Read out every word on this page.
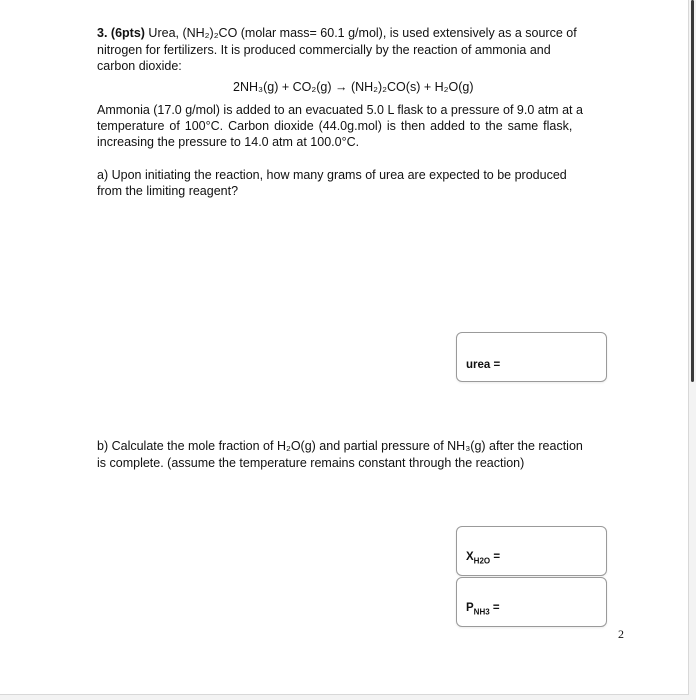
3. (6pts) Urea, (NH₂)₂CO (molar mass= 60.1 g/mol), is used extensively as a source of
nitrogen for fertilizers. It is produced commercially by the reaction of ammonia and
carbon dioxide:
2NH₃(g) + CO₂(g) → (NH₂)₂CO(s) + H₂O(g)
Ammonia (17.0 g/mol) is added to an evacuated 5.0 L flask to a pressure of 9.0 atm at a
temperature of 100°C. Carbon dioxide (44.0g.mol) is then added to the same flask,
increasing the pressure to 14.0 atm at 100.0°C.
a) Upon initiating the reaction, how many grams of urea are expected to be produced
from the limiting reagent?
urea =
b) Calculate the mole fraction of H₂O(g) and partial pressure of NH₃(g) after the reaction
is complete. (assume the temperature remains constant through the reaction)
$X_{H2O}$ =
$P_{NH3}$ =
2
